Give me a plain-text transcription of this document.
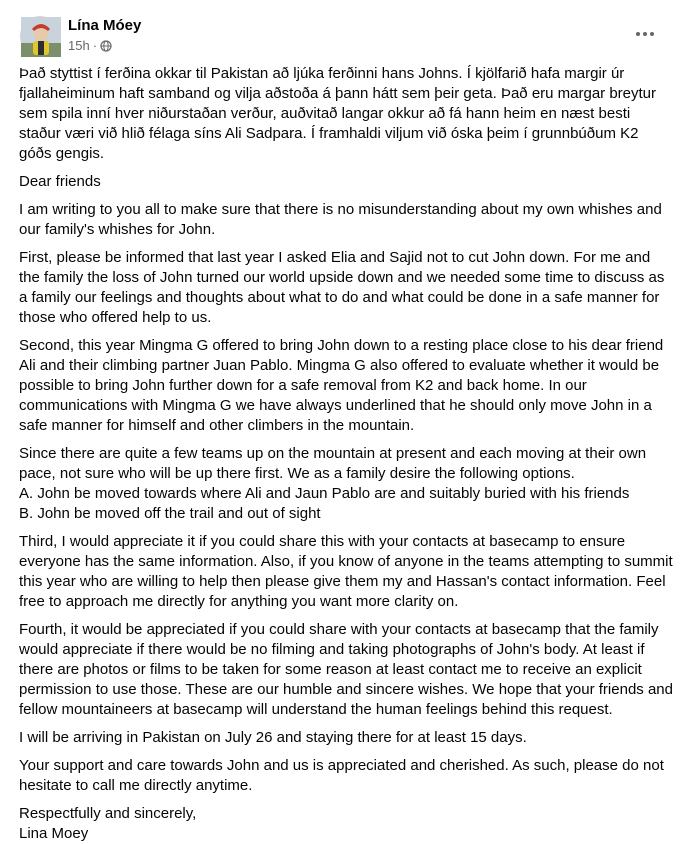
Lína Móey
15h ·

Það styttist í ferðina okkar til Pakistan að ljúka ferðinni hans Johns. Í kjölfarið hafa margir úr fjallaheiminum haft samband og vilja aðstoða á þann hátt sem þeir geta. Það eru margar breytur sem spila inní hver niðurstaðan verður, auðvitað langar okkur að fá hann heim en næst besti staður væri við hlið félaga síns Ali Sadpara. Í framhaldi viljum við óska þeim í grunnbúðum K2 góðs gengis.

Dear friends

I am writing to you all to make sure that there is no misunderstanding about my own whishes and our family's whishes for John.

First, please be informed that last year I asked Elia and Sajid not to cut John down. For me and the family the loss of John turned our world upside down and we needed some time to discuss as a family our feelings and thoughts about what to do and what could be done in a safe manner for those who offered help to us.

Second, this year Mingma G offered to bring John down to a resting place close to his dear friend Ali and their climbing partner Juan Pablo. Mingma G also offered to evaluate whether it would be possible to bring John further down for a safe removal from K2 and back home. In our communications with Mingma G we have always underlined that he should only move John in a safe manner for himself and other climbers in the mountain.

Since there are quite a few teams up on the mountain at present and each moving at their own pace, not sure who will be up there first. We as a family desire the following options.
A. John be moved towards where Ali and Jaun Pablo are and suitably buried with his friends
B. John be moved off the trail and out of sight

Third, I would appreciate it if you could share this with your contacts at basecamp to ensure everyone has the same information. Also, if you know of anyone in the teams attempting to summit this year who are willing to help then please give them my and Hassan's contact information. Feel free to approach me directly for anything you want more clarity on.

Fourth, it would be appreciated if you could share with your contacts at basecamp that the family would appreciate if there would be no filming and taking photographs of John's body. At least if there are photos or films to be taken for some reason at least contact me to receive an explicit permission to use those. These are our humble and sincere wishes. We hope that your friends and fellow mountaineers at basecamp will understand the human feelings behind this request.

I will be arriving in Pakistan on July 26 and staying there for at least 15 days.

Your support and care towards John and us is appreciated and cherished. As such, please do not hesitate to call me directly anytime.

Respectfully and sincerely,

Lina Moey
